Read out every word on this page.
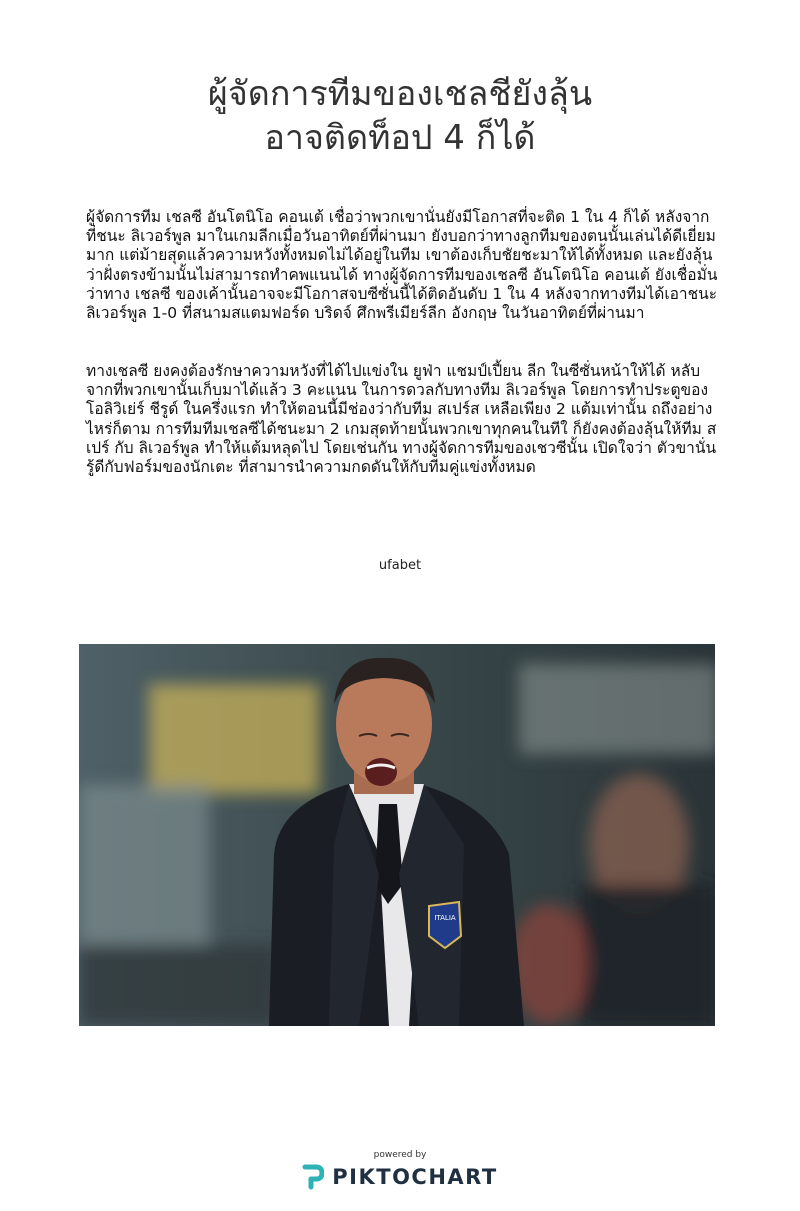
ผู้จัดการทีมของเชลชียังลุ้น
อาจติดท็อป 4 ก็ได้

ผู้จัดการทีม เชลซี อันโตนิโอ คอนเต้ เชื่อว่าพวกเขานั่นยังมีโอกาสที่จะติด 1 ใน 4 ก็ได้ หลังจากที่ชนะ ลิเวอร์พูล มาในเกมลีกเมื่อวันอาทิตย์ที่ผ่านมา ยังบอกว่าทางลูกทีมของตนนั้นเล่นได้ดีเยี่ยมมาก แต่ม้ายสุดแล้วความหวังทั้งหมดไม่ได้อยู่ในทีม เขาต้องเก็บชัยชะมาให้ได้ทั้งหมด และยังลุ้นว่าฝั่งตรงข้ามนั้นไม่สามารถทำคพแนนได้ ทางผู้จัดการทีมของเชลซี อันโตนิโอ คอนเต้ ยังเชื่อมั่นว่าทาง เชลซี ของเค้านั้นอาจจะมีโอกาสจบซีซั่นนี้ได้ติดอันดับ 1 ใน 4 หลังจากทางทีมได้เอาชนะ ลิเวอร์พูล 1-0 ที่สนามสแตมฟอร์ด บริดจ์ ศึกพรีเมียร์ลีก อังกฤษ ในวันอาทิตย์ที่ผ่านมา

ทางเชลซี ยงคงต้องรักษาความหวังที่ได้ไปแข่งใน ยูฟ่า แชมป์เปี้ยน ลีก ในซีซั่นหน้าให้ได้ หลับจากที่พวกเขานั้นเก็บมาได้แล้ว 3 คะแนน ในการดวลกับทางทีม ลิเวอร์พูล โดยการทำประตูของ โอลิวิเย่ร์ ชีรูด์ ในครึ่งแรก ทำให้ตอนนี้มีช่องว่ากับทีม สเปร์ส เหลือเพียง 2 แต้มเท่านั้น ถถึงอย่างไหร่ก็ตาม การทีมทีมเชลซีได้ชนะมา 2 เกมสุดท้ายนั้นพวกเขาทุกคนในทีใ ก็ยังคงต้องลุ้นให้ทีม สเปร์ กับ ลิเวอร์พูล ทำให้แต้มหลุดไป โดยเช่นกัน ทางผู้จัดการทีมของเชวซีนั้น เปิดใจว่า ตัวขานั่นรู้ดีกับฟอร์มของนักเตะ ที่สามารนำความกดดันให้กับทีมคู่แข่งทั้งหมด

ufabet

ITALIA

powered by

PIKTOCHART
